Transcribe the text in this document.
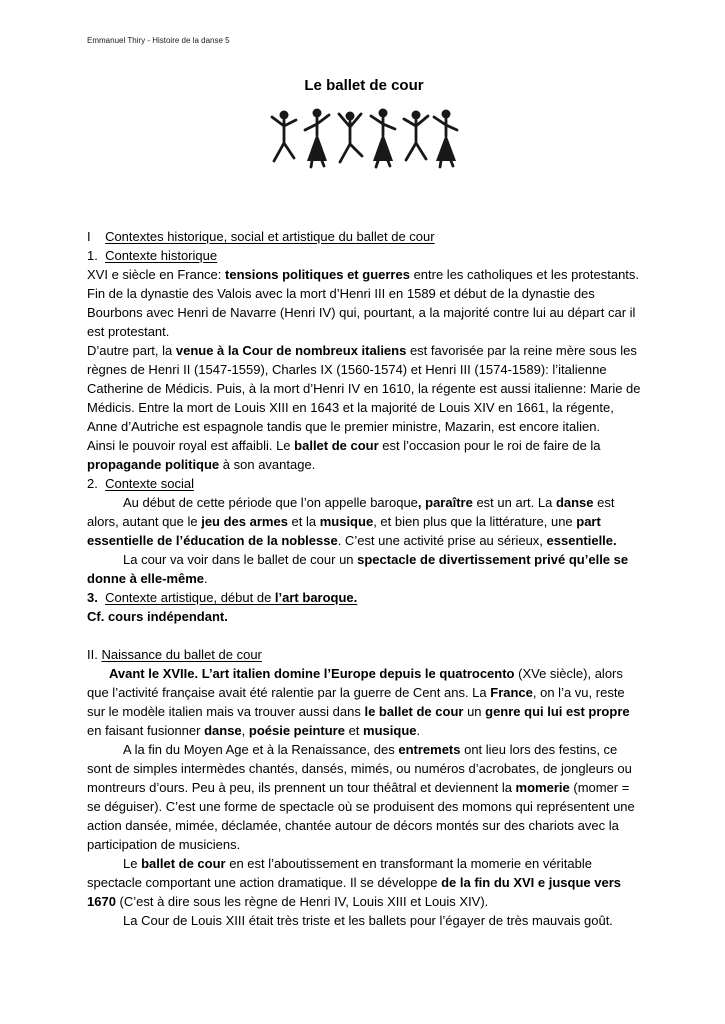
Emmanuel Thiry - Histoire de la danse 5
Le ballet de cour

I    Contextes historique, social et artistique du ballet de cour

1.  Contexte historique

XVI e siècle en France: tensions politiques et guerres entre les catholiques et les protestants.

Fin de la dynastie des Valois avec la mort d’Henri III en 1589 et début de la dynastie des Bourbons avec Henri de Navarre (Henri IV) qui, pourtant, a la majorité contre lui au départ car il est protestant.

D’autre part, la venue à la Cour de nombreux italiens est favorisée par la reine mère sous les règnes de Henri II (1547-1559), Charles IX (1560-1574) et Henri III (1574-1589): l’italienne Catherine de Médicis. Puis, à la mort d’Henri IV en 1610, la régente est aussi italienne: Marie de Médicis. Entre la mort de Louis XIII en 1643 et la majorité de Louis XIV en 1661, la régente, Anne d’Autriche est espagnole tandis que le premier ministre, Mazarin, est encore italien.

Ainsi le pouvoir royal est affaibli. Le ballet de cour est l’occasion pour le roi de faire de la propagande politique à son avantage.

2.  Contexte social

Au début de cette période que l’on appelle baroque, paraître est un art. La danse est alors, autant que le jeu des armes et la musique, et bien plus que la littérature, une part essentielle de l’éducation de la noblesse. C’est une activité prise au sérieux, essentielle.

La cour va voir dans le ballet de cour un spectacle de divertissement privé qu’elle se donne à elle-même.

3. Contexte artistique, début de l’art baroque.

Cf. cours indépendant.

II. Naissance du ballet de cour

Avant le XVIIe. L’art italien domine l’Europe depuis le quatrocento (XVe siècle), alors que l’activité française avait été ralentie par la guerre de Cent ans. La France, on l’a vu, reste sur le modèle italien mais va trouver aussi dans le ballet de cour un genre qui lui est propre en faisant fusionner danse, poésie peinture et musique.

A la fin du Moyen Age et à la Renaissance, des entremets ont lieu lors des festins, ce sont de simples intermèdes chantés, dansés, mimés, ou numéros d’acrobates, de jongleurs ou montreurs d’ours. Peu à peu, ils prennent un tour théâtral et deviennent la momerie (momer = se déguiser). C’est une forme de spectacle où se produisent des momons qui représentent une action dansée, mimée, déclamée, chantée autour de décors montés sur des chariots avec la participation de musiciens.

Le ballet de cour en est l’aboutissement en transformant la momerie en véritable spectacle comportant une action dramatique. Il se développe de la fin du XVI e jusque vers 1670 (C’est à dire sous les règne de Henri IV, Louis XIII et Louis XIV).

La Cour de Louis XIII était très triste et les ballets pour l’égayer de très mauvais goût.
